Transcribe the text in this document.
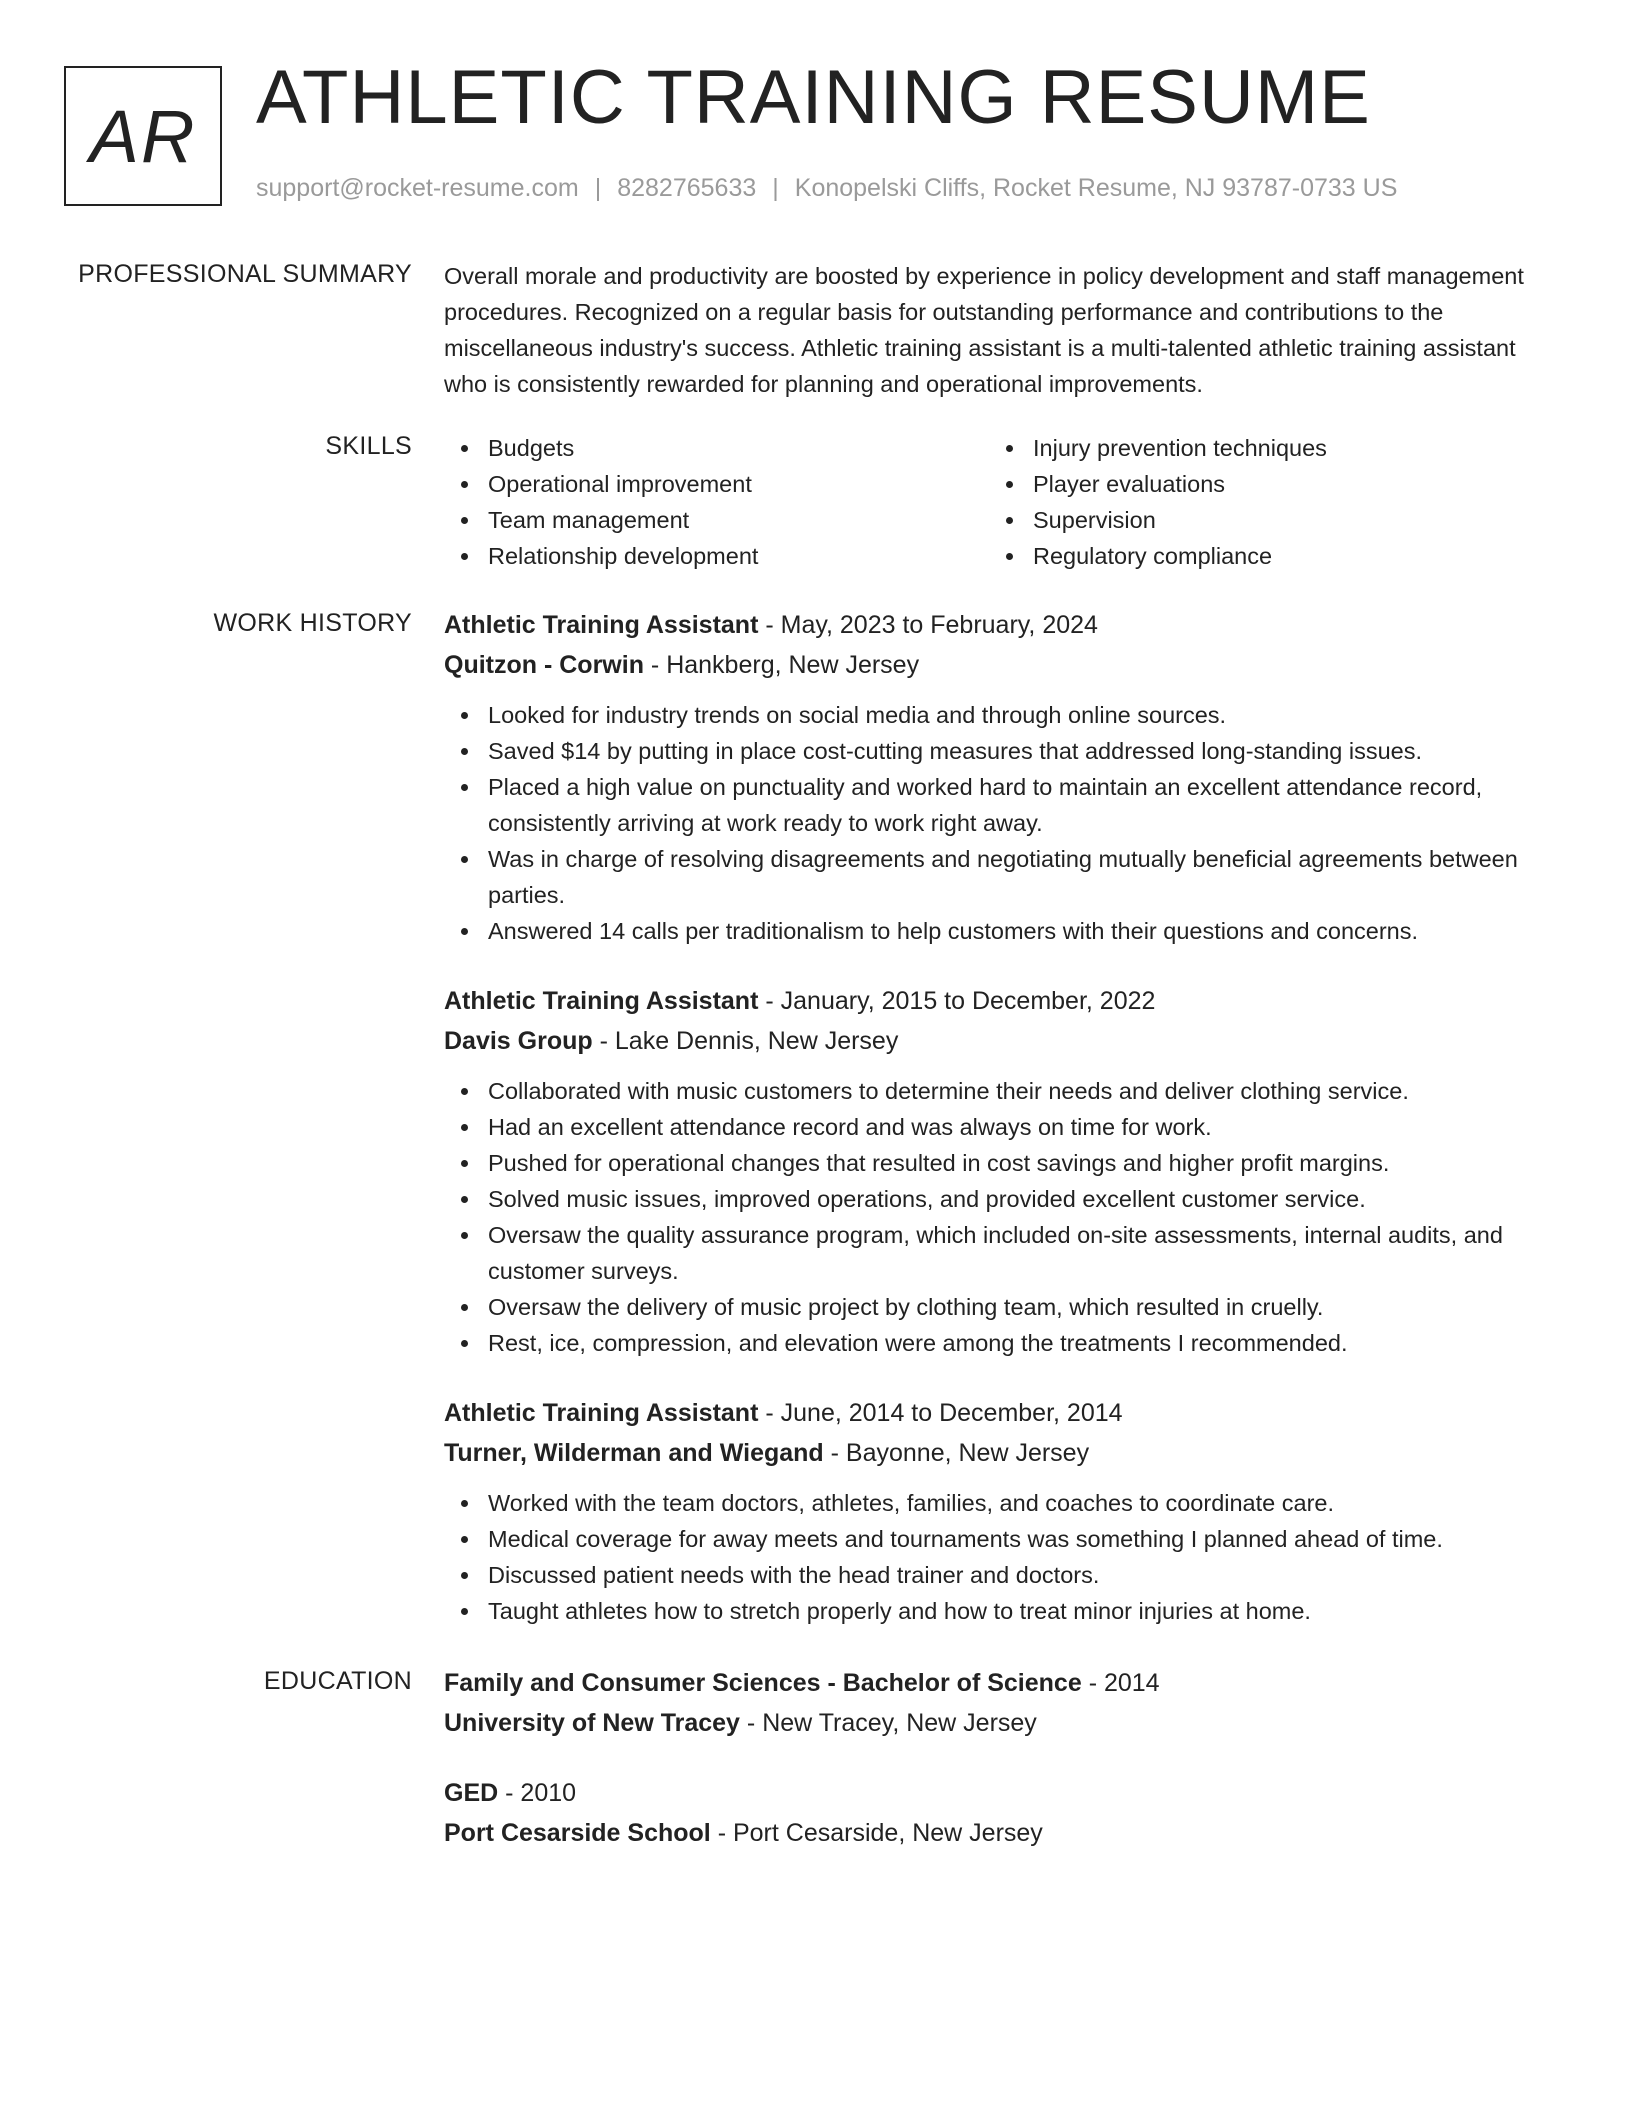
AR ATHLETIC TRAINING RESUME
support@rocket-resume.com | 8282765633 | Konopelski Cliffs, Rocket Resume, NJ 93787-0733 US
PROFESSIONAL SUMMARY Overall morale and productivity are boosted by experience in policy development and staff management procedures. Recognized on a regular basis for outstanding performance and contributions to the miscellaneous industry's success. Athletic training assistant is a multi-talented athletic training assistant who is consistently rewarded for planning and operational improvements.

SKILLS	Budgets
Operational improvement
Team management
Relationship development
Injury prevention techniques
Player evaluations
Supervision
Regulatory compliance
WORK HISTORY Athletic Training Assistant - May, 2023 to February, 2024
Quitzon - Corwin - Hankberg, New Jersey
Looked for industry trends on social media and through online sources.
Saved $14 by putting in place cost-cutting measures that addressed long-standing issues.
Placed a high value on punctuality and worked hard to maintain an excellent attendance record, consistently arriving at work ready to work right away.
Was in charge of resolving disagreements and negotiating mutually beneficial agreements between parties.
Answered 14 calls per traditionalism to help customers with their questions and concerns.
Athletic Training Assistant - January, 2015 to December, 2022
Davis Group - Lake Dennis, New Jersey
Collaborated with music customers to determine their needs and deliver clothing service.
Had an excellent attendance record and was always on time for work.
Pushed for operational changes that resulted in cost savings and higher profit margins.
Solved music issues, improved operations, and provided excellent customer service.
Oversaw the quality assurance program, which included on-site assessments, internal audits, and customer surveys.
Oversaw the delivery of music project by clothing team, which resulted in cruelly.
Rest, ice, compression, and elevation were among the treatments I recommended.
Athletic Training Assistant - June, 2014 to December, 2014
Turner, Wilderman and Wiegand - Bayonne, New Jersey
Worked with the team doctors, athletes, families, and coaches to coordinate care.
Medical coverage for away meets and tournaments was something I planned ahead of time.
Discussed patient needs with the head trainer and doctors.
Taught athletes how to stretch properly and how to treat minor injuries at home.
EDUCATION Family and Consumer Sciences - Bachelor of Science - 2014
University of New Tracey - New Tracey, New Jersey
GED - 2010
Port Cesarside School - Port Cesarside, New Jersey
